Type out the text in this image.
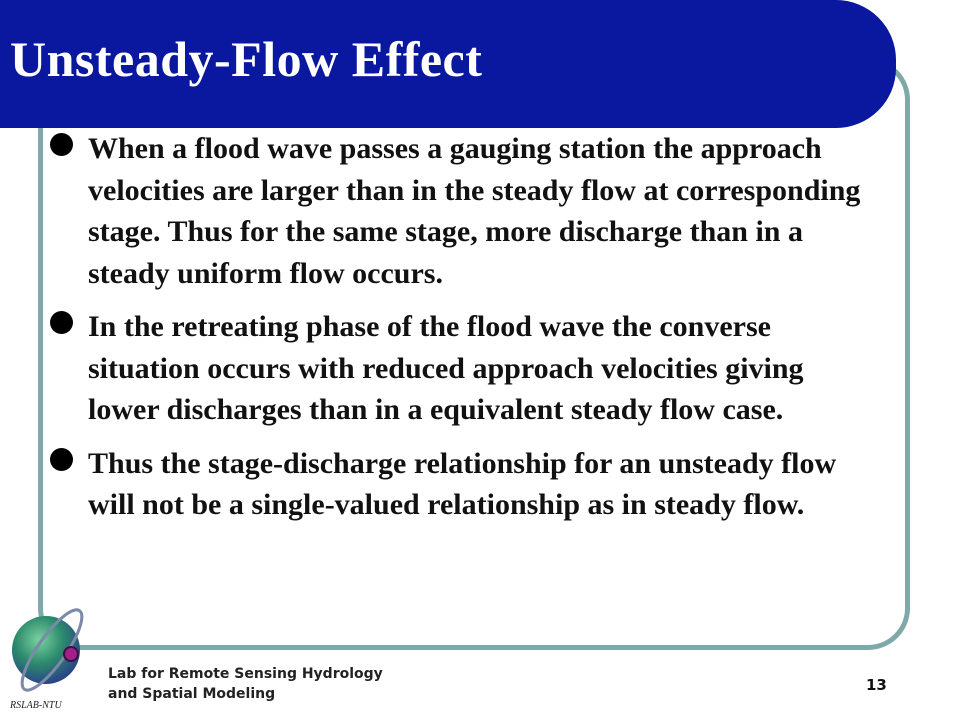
Unsteady-Flow Effect
When a flood wave passes a gauging station the approach velocities are larger than in the steady flow at corresponding stage. Thus for the same stage, more discharge than in a steady uniform flow occurs.
In the retreating phase of the flood wave the converse situation occurs with reduced approach velocities giving lower discharges than in a equivalent steady flow case.
Thus the stage-discharge relationship for an unsteady flow will not be a single-valued relationship as in steady flow.
RSLAB-NTU
Lab for Remote Sensing Hydrology
and Spatial Modeling	13
